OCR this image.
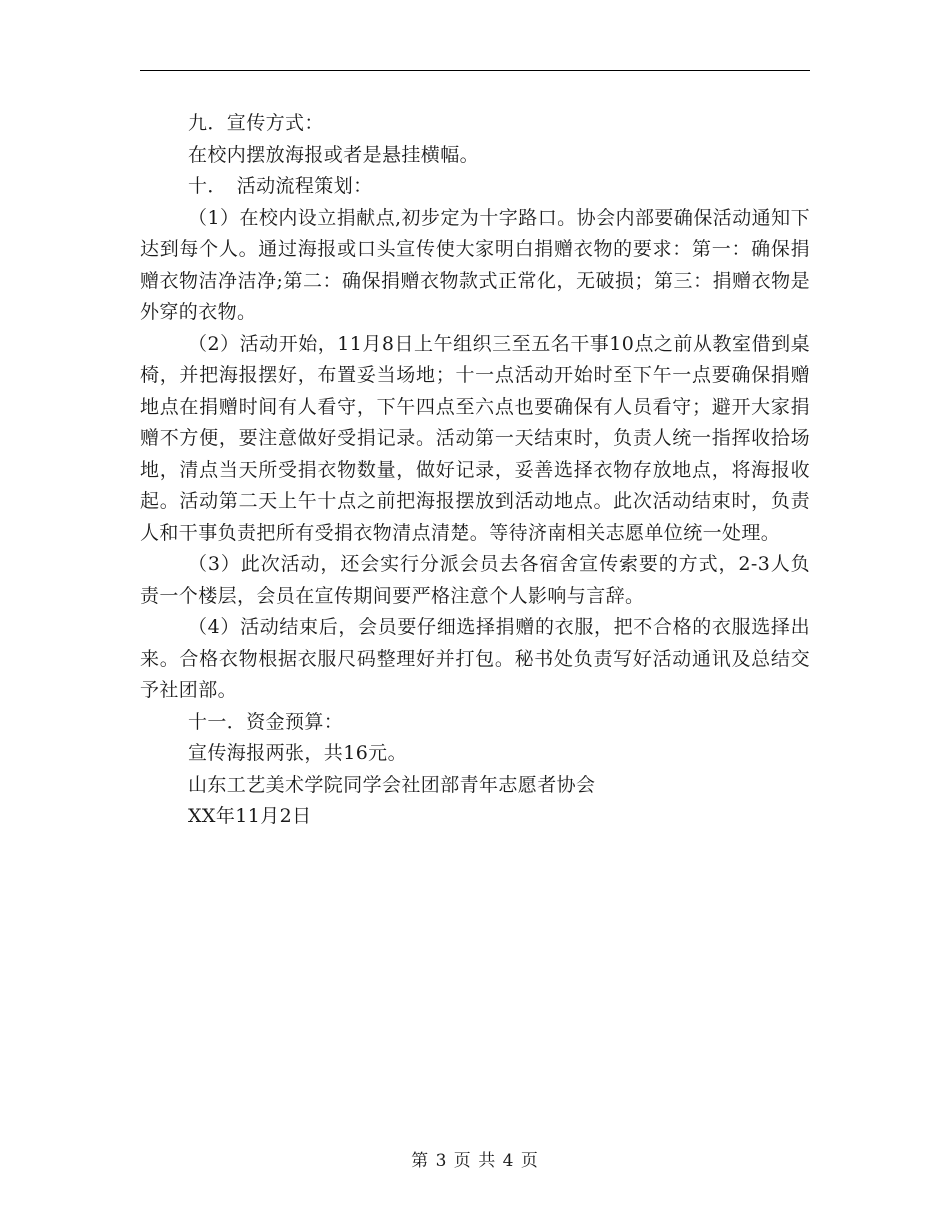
九．宣传方式：

在校内摆放海报或者是悬挂横幅。

十．　活动流程策划：

（1）在校内设立捐献点,初步定为十字路口。协会内部要确保活动通知下达到每个人。通过海报或口头宣传使大家明白捐赠衣物的要求：第一：确保捐赠衣物洁净洁净;第二：确保捐赠衣物款式正常化，无破损；第三：捐赠衣物是外穿的衣物。

（2）活动开始，11月8日上午组织三至五名干事10点之前从教室借到桌椅，并把海报摆好，布置妥当场地；十一点活动开始时至下午一点要确保捐赠地点在捐赠时间有人看守，下午四点至六点也要确保有人员看守；避开大家捐赠不方便，要注意做好受捐记录。活动第一天结束时，负责人统一指挥收拾场地，清点当天所受捐衣物数量，做好记录，妥善选择衣物存放地点，将海报收起。活动第二天上午十点之前把海报摆放到活动地点。此次活动结束时，负责人和干事负责把所有受捐衣物清点清楚。等待济南相关志愿单位统一处理。

（3）此次活动，还会实行分派会员去各宿舍宣传索要的方式，2-3人负责一个楼层，会员在宣传期间要严格注意个人影响与言辞。

（4）活动结束后，会员要仔细选择捐赠的衣服，把不合格的衣服选择出来。合格衣物根据衣服尺码整理好并打包。秘书处负责写好活动通讯及总结交予社团部。

十一．资金预算：

宣传海报两张，共16元。

山东工艺美术学院同学会社团部青年志愿者协会

XX年11月2日

第 3 页 共 4 页
